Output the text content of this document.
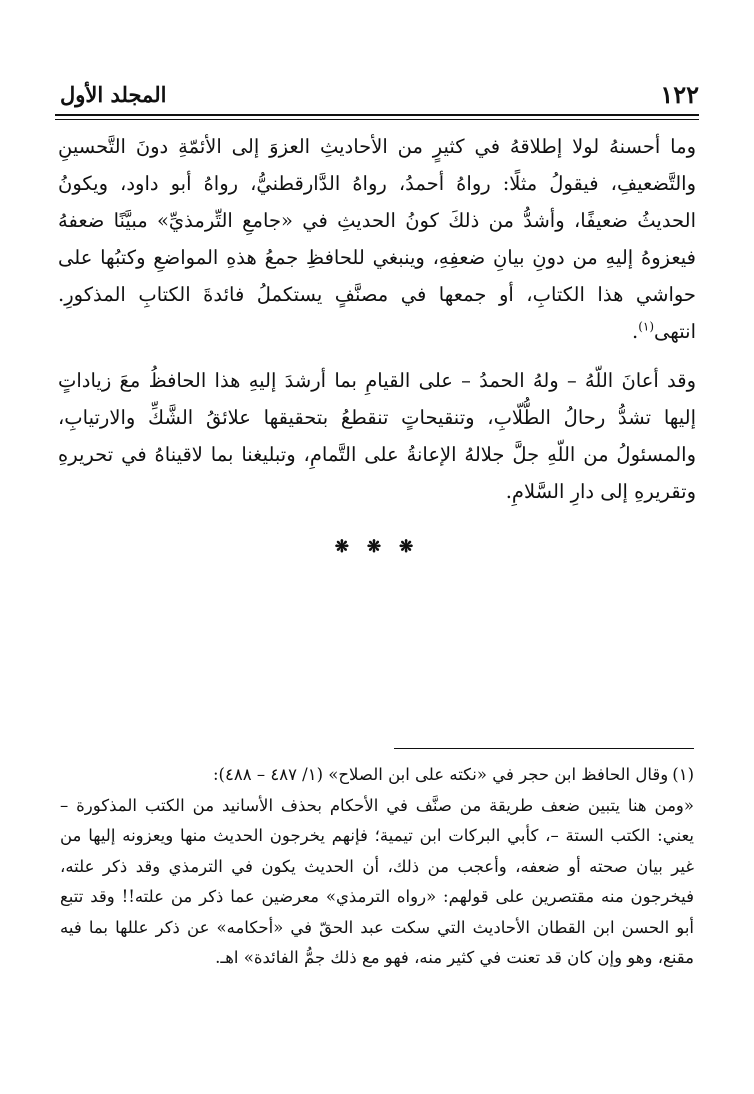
١٢٢
المجلد الأول

وما أحسنهُ لولا إطلاقهُ في كثيرٍ من الأحاديثِ العزوَ إلى الأئمّةِ دونَ التَّحسينِ والتَّضعيفِ، فيقولُ مثلًا: رواهُ أحمدُ، رواهُ الدَّارقطنيُّ، رواهُ أبو داود، ويكونُ الحديثُ ضعيفًا، وأشدُّ من ذلكَ كونُ الحديثِ في «جامعِ التِّرمذيِّ» مبيَّنًا ضعفهُ فيعزوهُ إليهِ من دونِ بيانِ ضعفِهِ، وينبغي للحافظِ جمعُ هذهِ المواضعِ وكتبُها على حواشي هذا الكتابِ، أو جمعها في مصنَّفٍ يستكملُ فائدةَ الكتابِ المذكورِ. انتهى$^{(١)}$.

وقد أعانَ اللّهُ – ولهُ الحمدُ – على القيامِ بما أرشدَ إليهِ هذا الحافظُ معَ زياداتٍ إليها تشدُّ رحالُ الطُّلّابِ، وتنقيحاتٍ تنقطعُ بتحقيقها علائقُ الشَّكِّ والارتيابِ، والمسئولُ من اللّهِ جلَّ جلالهُ الإعانةُ على التَّمامِ، وتبليغنا بما لاقيناهُ في تحريرهِ وتقريرهِ إلى دارِ السَّلامِ.

❋ ❋ ❋

(١)وقال الحافظ ابن حجر في «نكته على ابن الصلاح» (١/ ٤٨٧ – ٤٨٨):

«ومن هنا يتبين ضعف طريقة من صنَّف في الأحكام بحذف الأسانيد من الكتب المذكورة – يعني: الكتب الستة –، كأبي البركات ابن تيمية؛ فإنهم يخرجون الحديث منها ويعزونه إليها من غير بيان صحته أو ضعفه، وأعجب من ذلك، أن الحديث يكون في الترمذي وقد ذكر علته، فيخرجون منه مقتصرين على قولهم: «رواه الترمذي» معرضين عما ذكر من علته!! وقد تتبع أبو الحسن ابن القطان الأحاديث التي سكت عبد الحقّ في «أحكامه» عن ذكر عللها بما فيه مقنع، وهو وإن كان قد تعنت في كثير منه، فهو مع ذلك جمُّ الفائدة» اهـ.
